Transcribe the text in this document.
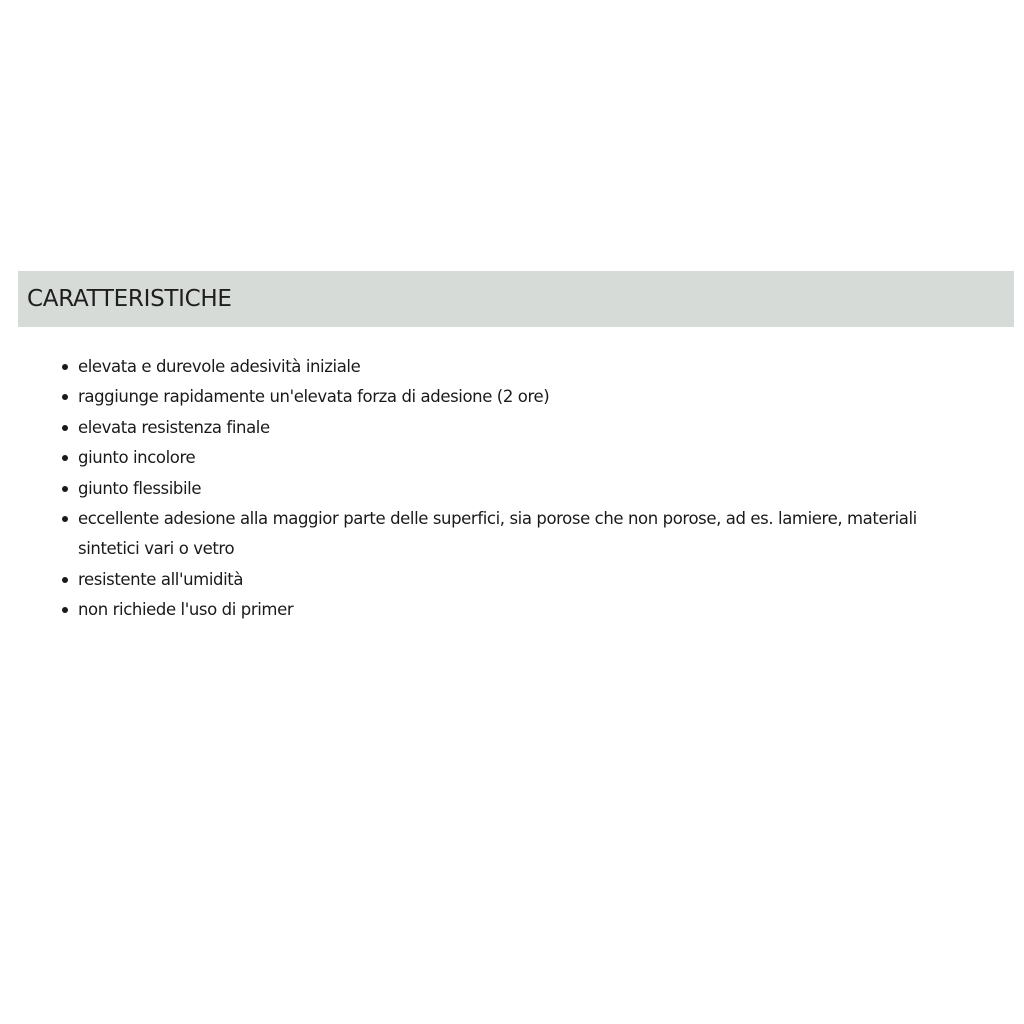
CARATTERISTICHE
elevata e durevole adesività iniziale
raggiunge rapidamente un'elevata forza di adesione (2 ore)
elevata resistenza finale
giunto incolore
giunto flessibile
eccellente adesione alla maggior parte delle superfici, sia porose che non porose, ad es. lamiere, materiali sintetici vari o vetro
resistente all'umidità
non richiede l'uso di primer
